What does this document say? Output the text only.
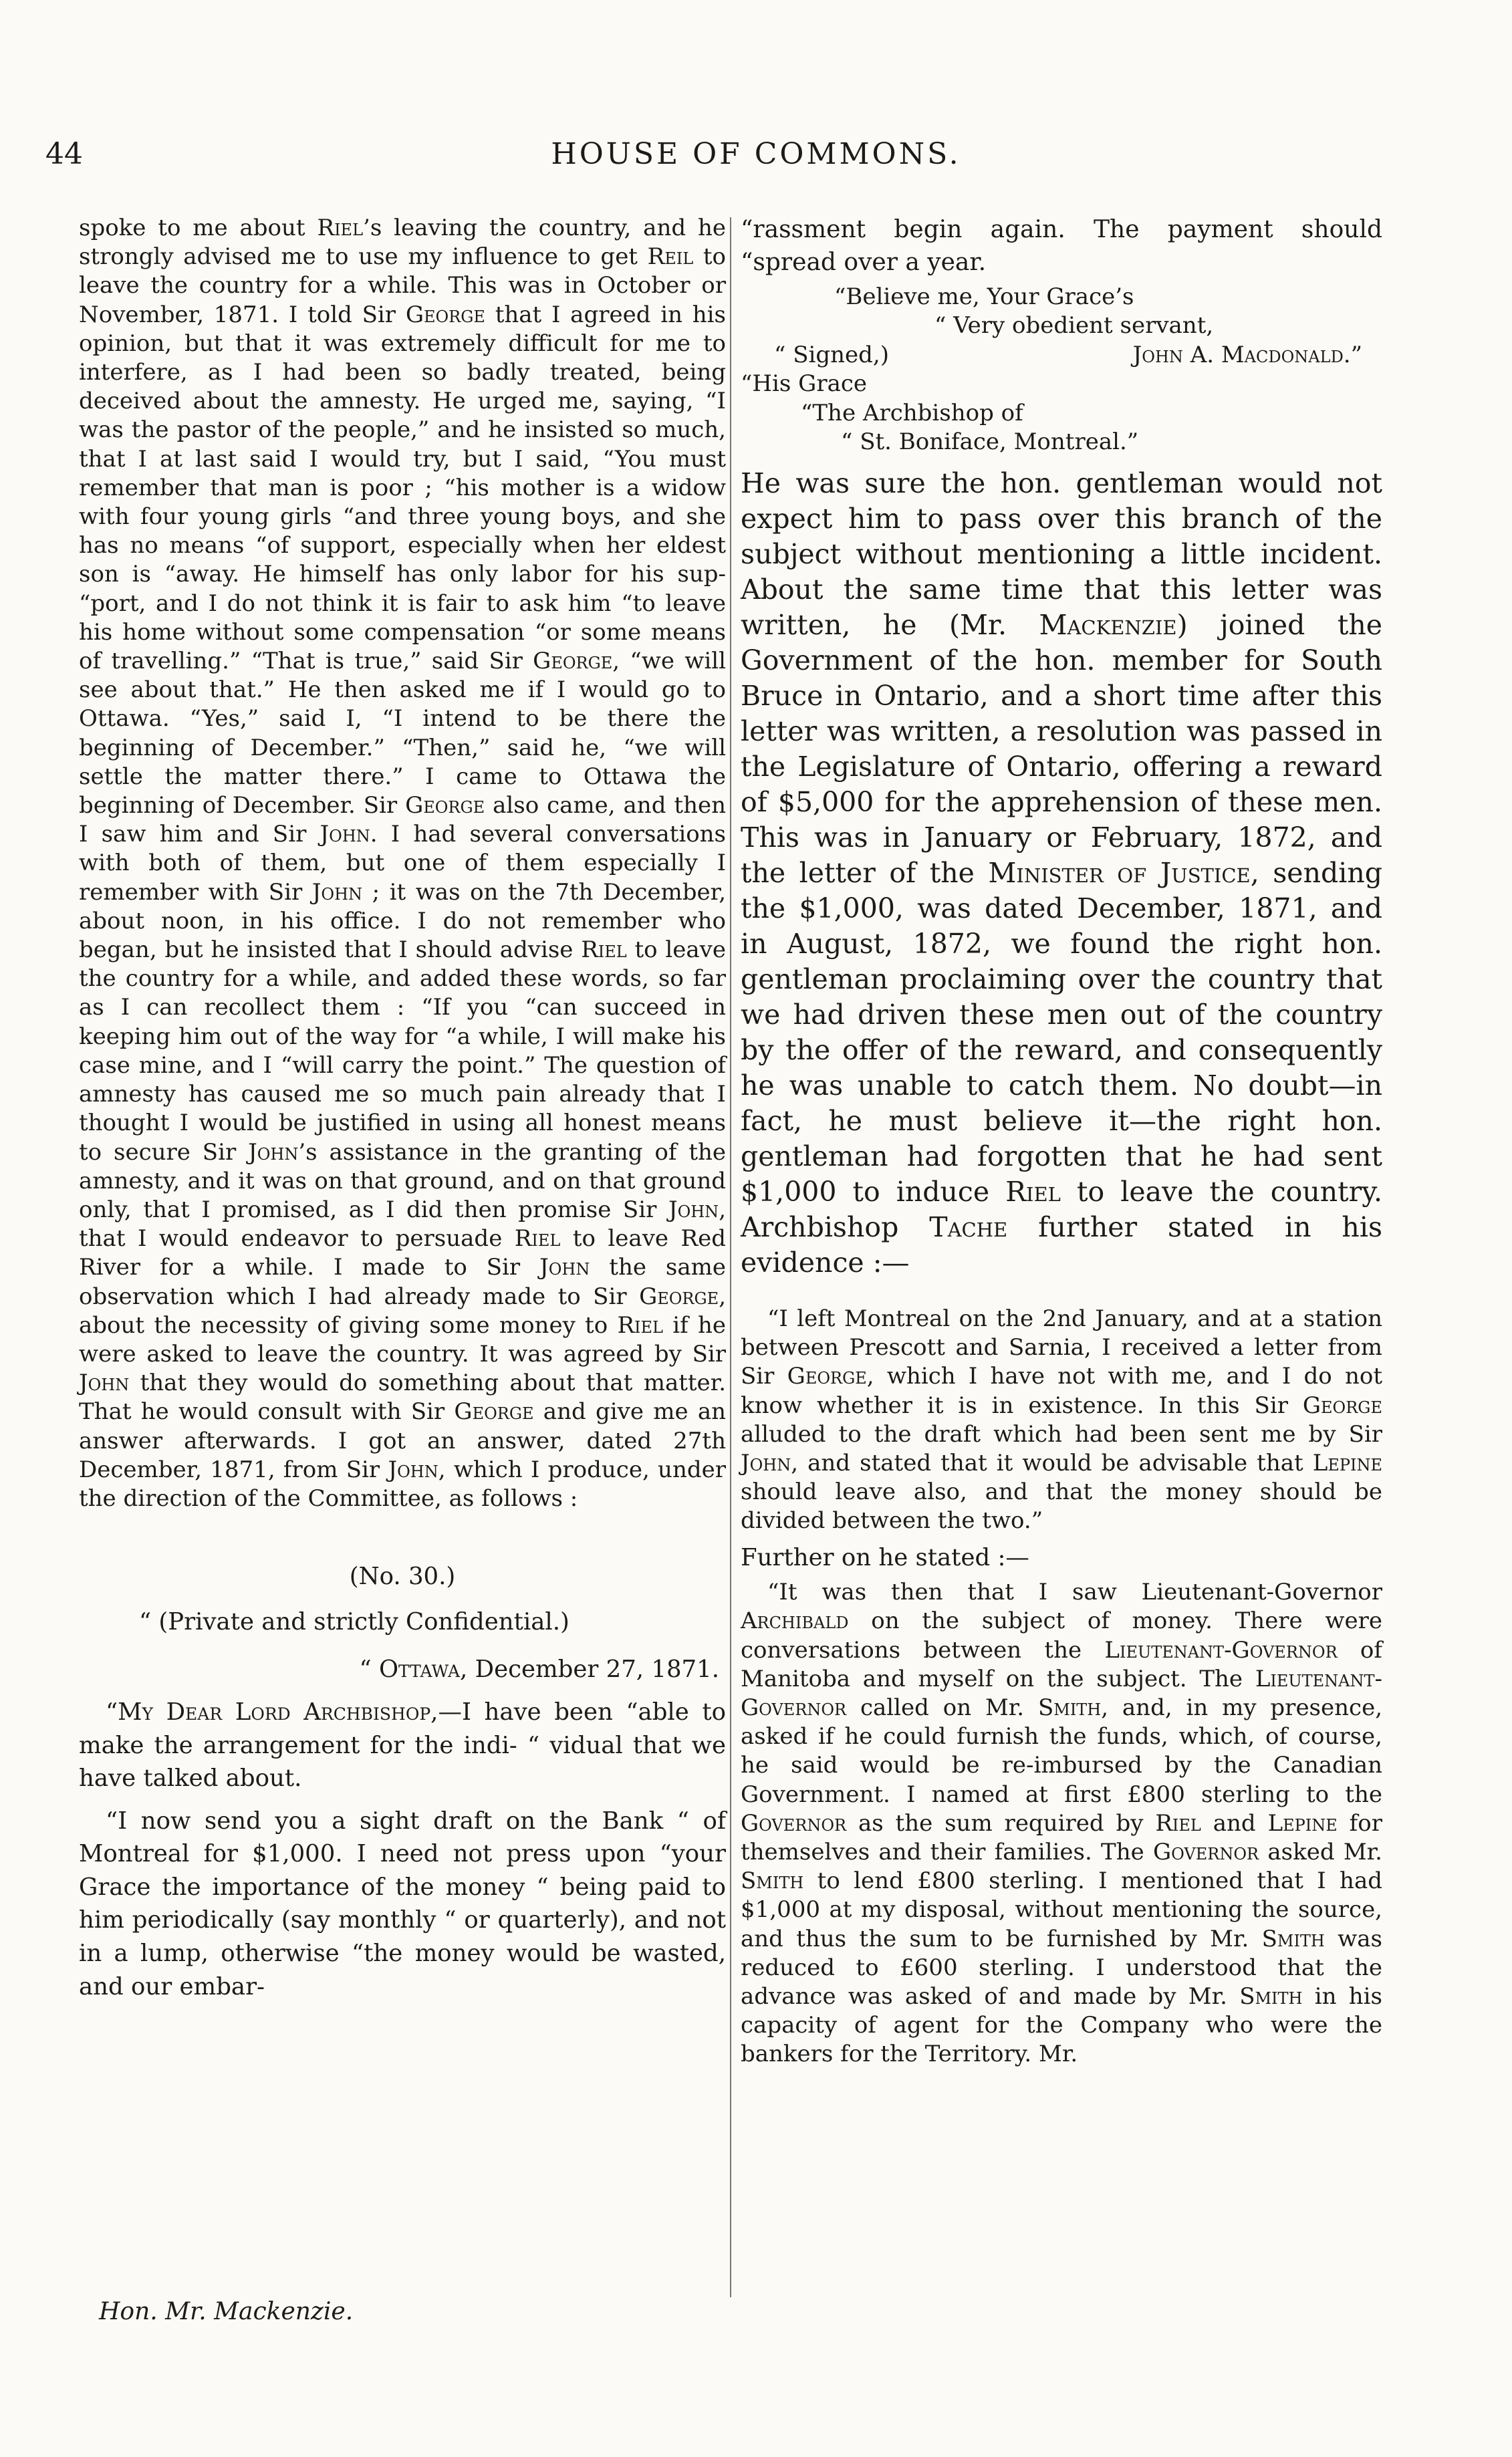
44	HOUSE OF COMMONS.

spoke to me about Riel’s leaving the country, and he strongly advised me to use my influence to get Reil to leave the country for a while. This was in October or November, 1871. I told Sir George that I agreed in his opinion, but that it was extremely difficult for me to interfere, as I had been so badly treated, being deceived about the amnesty. He urged me, saying, “I was the pastor of the people,” and he insisted so much, that I at last said I would try, but I said, “You must remember that man is poor ; “his mother is a widow with four young girls “and three young boys, and she has no means “of support, especially when her eldest son is “away. He himself has only labor for his sup- “port, and I do not think it is fair to ask him “to leave his home without some compensation “or some means of travelling.” “That is true,” said Sir George, “we will see about that.” He then asked me if I would go to Ottawa. “Yes,” said I, “I intend to be there the beginning of December.” “Then,” said he, “we will settle the matter there.” I came to Ottawa the beginning of December. Sir George also came, and then I saw him and Sir John. I had several conversations with both of them, but one of them especially I remember with Sir John ; it was on the 7th December, about noon, in his office. I do not remember who began, but he insisted that I should advise Riel to leave the country for a while, and added these words, so far as I can recollect them : “If you “can succeed in keeping him out of the way for “a while, I will make his case mine, and I “will carry the point.” The question of amnesty has caused me so much pain already that I thought I would be justified in using all honest means to secure Sir John’s assistance in the granting of the amnesty, and it was on that ground, and on that ground only, that I promised, as I did then promise Sir John, that I would endeavor to persuade Riel to leave Red River for a while. I made to Sir John the same observation which I had already made to Sir George, about the necessity of giving some money to Riel if he were asked to leave the country. It was agreed by Sir John that they would do something about that matter. That he would consult with Sir George and give me an answer afterwards. I got an answer, dated 27th December, 1871, from Sir John, which I produce, under the direction of the Committee, as follows :

(No. 30.)

“ (Private and strictly Confidential.)

“ Ottawa, December 27, 1871.

“My Dear Lord Archbishop,—I have been “able to make the arrangement for the indi- “ vidual that we have talked about.

“I now send you a sight draft on the Bank “ of Montreal for $1,000. I need not press upon “your Grace the importance of the money “ being paid to him periodically (say monthly “ or quarterly), and not in a lump, otherwise “the money would be wasted, and our embar-

“rassment begin again. The payment should “spread over a year.

“Believe me, Your Grace’s

“ Very obedient servant,

“ Signed,)	John A. Macdonald.”

“His Grace

“The Archbishop of

“ St. Boniface, Montreal.”

He was sure the hon. gentleman would not expect him to pass over this branch of the subject without mentioning a little incident. About the same time that this letter was written, he (Mr. Mackenzie) joined the Government of the hon. member for South Bruce in Ontario, and a short time after this letter was written, a resolution was passed in the Legislature of Ontario, offering a reward of $5,000 for the apprehension of these men. This was in January or February, 1872, and the letter of the Minister of Justice, sending the $1,000, was dated December, 1871, and in August, 1872, we found the right hon. gentleman proclaiming over the country that we had driven these men out of the country by the offer of the reward, and consequently he was unable to catch them. No doubt—in fact, he must believe it—the right hon. gentleman had forgotten that he had sent $1,000 to induce Riel to leave the country. Archbishop Tache further stated in his evidence :—

“I left Montreal on the 2nd January, and at a station between Prescott and Sarnia, I received a letter from Sir George, which I have not with me, and I do not know whether it is in existence. In this Sir George alluded to the draft which had been sent me by Sir John, and stated that it would be advisable that Lepine should leave also, and that the money should be divided between the two.”

Further on he stated :—

“It was then that I saw Lieutenant-Governor Archibald on the subject of money. There were conversations between the Lieutenant-Governor of Manitoba and myself on the subject. The Lieutenant-Governor called on Mr. Smith, and, in my presence, asked if he could furnish the funds, which, of course, he said would be re-imbursed by the Canadian Government. I named at first £800 sterling to the Governor as the sum required by Riel and Lepine for themselves and their families. The Governor asked Mr. Smith to lend £800 sterling. I mentioned that I had $1,000 at my disposal, without mentioning the source, and thus the sum to be furnished by Mr. Smith was reduced to £600 sterling. I understood that the advance was asked of and made by Mr. Smith in his capacity of agent for the Company who were the bankers for the Territory. Mr.

Hon. Mr. Mackenzie.
